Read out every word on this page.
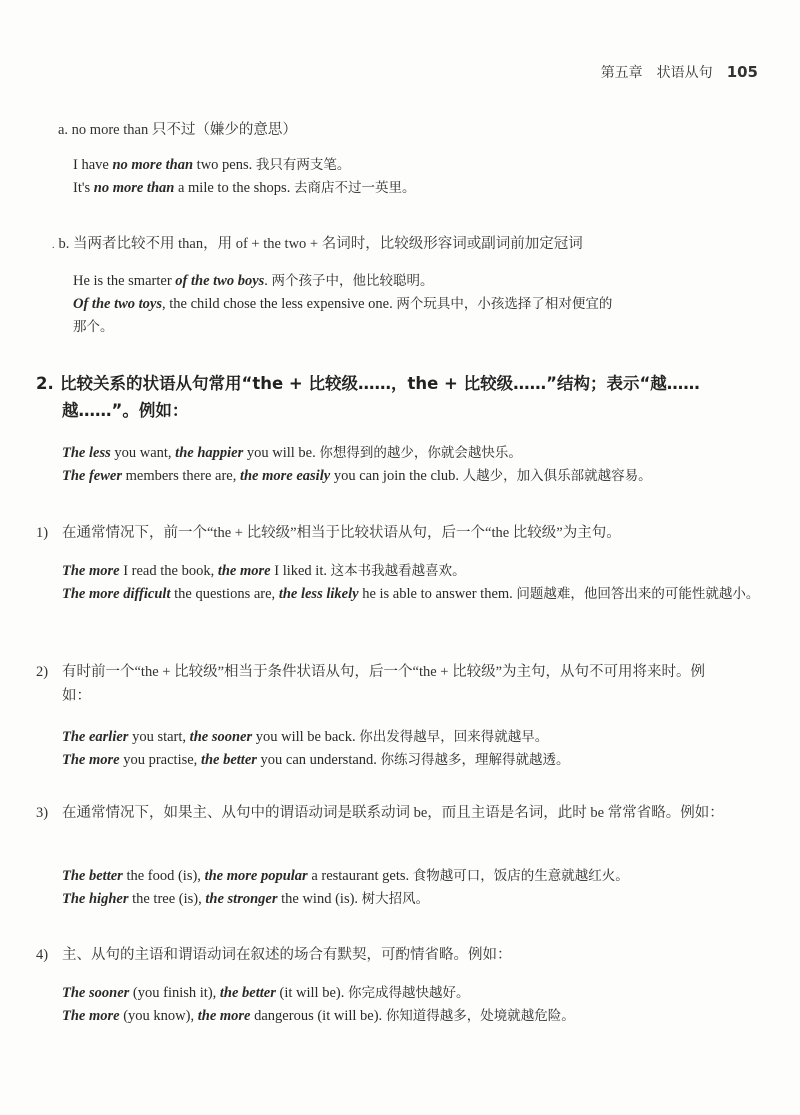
第五章　状语从句 105
a. no more than 只不过（嫌少的意思）
I have no more than two pens. 我只有两支笔。
It's no more than a mile to the shops. 去商店不过一英里。
. b. 当两者比较不用 than，用 of + the two + 名词时，比较级形容词或副词前加定冠词
He is the smarter of the two boys. 两个孩子中，他比较聪明。
Of the two toys, the child chose the less expensive one. 两个玩具中，小孩选择了相对便宜的
那个。
2. 比较关系的状语从句常用“the + 比较级……，the + 比较级……”结构；表示“越……
越……”。例如：
The less you want, the happier you will be. 你想得到的越少，你就会越快乐。
The fewer members there are, the more easily you can join the club. 人越少，加入俱乐部就越容易。
1) 在通常情况下，前一个“the + 比较级”相当于比较状语从句，后一个“the 比较级”为主句。
The more I read the book, the more I liked it. 这本书我越看越喜欢。
The more difficult the questions are, the less likely he is able to answer them. 问题越难，他回答出来的可能性就越小。
2) 有时前一个“the + 比较级”相当于条件状语从句，后一个“the + 比较级”为主句，从句不可用将来时。例如：
The earlier you start, the sooner you will be back. 你出发得越早，回来得就越早。
The more you practise, the better you can understand. 你练习得越多，理解得就越透。
3) 在通常情况下，如果主、从句中的谓语动词是联系动词 be，而且主语是名词，此时 be 常常省略。例如：
The better the food (is), the more popular a restaurant gets. 食物越可口，饭店的生意就越红火。
The higher the tree (is), the stronger the wind (is). 树大招风。
4) 主、从句的主语和谓语动词在叙述的场合有默契，可酌情省略。例如：
The sooner (you finish it), the better (it will be). 你完成得越快越好。
The more (you know), the more dangerous (it will be). 你知道得越多，处境就越危险。
